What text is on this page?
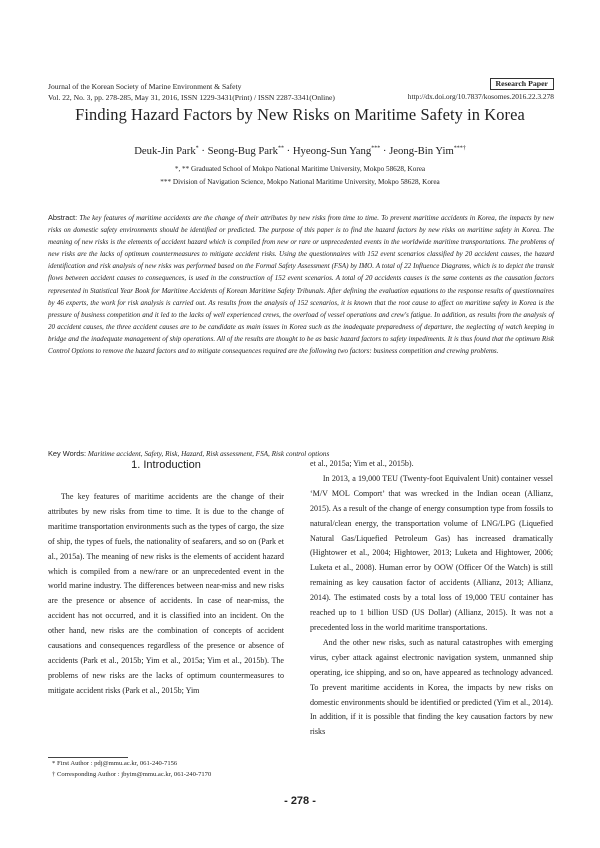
Journal of the Korean Society of Marine Environment & Safety
Vol. 22, No. 3, pp. 278-285, May 31, 2016, ISSN 1229-3431(Print) / ISSN 2287-3341(Online)
Research Paper
http://dx.doi.org/10.7837/kosomes.2016.22.3.278
Finding Hazard Factors by New Risks on Maritime Safety in Korea
Deuk-Jin Park* · Seong-Bug Park** · Hyeong-Sun Yang*** · Jeong-Bin Yim***†
*, ** Graduated School of Mokpo National Maritime University, Mokpo 58628, Korea
*** Division of Navigation Science, Mokpo National Maritime University, Mokpo 58628, Korea
Abstract: The key features of maritime accidents are the change of their attributes by new risks from time to time. To prevent maritime accidents in Korea, the impacts by new risks on domestic safety environments should be identified or predicted. The purpose of this paper is to find the hazard factors by new risks on maritime safety in Korea. The meaning of new risks is the elements of accident hazard which is compiled from new or rare or unprecedented events in the worldwide maritime transportations. The problems of new risks are the lacks of optimum countermeasures to mitigate accident risks. Using the questionnaires with 152 event scenarios classified by 20 accident causes, the hazard identification and risk analysis of new risks was performed based on the Formal Safety Assessment (FSA) by IMO. A total of 22 Influence Diagrams, which is to depict the transit flows between accident causes to consequences, is used in the construction of 152 event scenarios. A total of 20 accidents causes is the same contents as the causation factors represented in Statistical Year Book for Maritime Accidents of Korean Maritime Safety Tribunals. After defining the evaluation equations to the response results of questionnaires by 46 experts, the work for risk analysis is carried out. As results from the analysis of 152 scenarios, it is known that the root cause to affect on maritime safety in Korea is the pressure of business competition and it led to the lacks of well experienced crews, the overload of vessel operations and crew's fatigue. In addition, as results from the analysis of 20 accident causes, the three accident causes are to be candidate as main issues in Korea such as the inadequate preparedness of departure, the neglecting of watch keeping in bridge and the inadequate management of ship operations. All of the results are thought to be as basic hazard factors to safety impediments. It is thus found that the optimum Risk Control Options to remove the hazard factors and to mitigate consequences required are the following two factors: business competition and crewing problems.
Key Words: Maritime accident, Safety, Risk, Hazard, Risk assessment, FSA, Risk control options
1. Introduction

The key features of maritime accidents are the change of their attributes by new risks from time to time. It is due to the change of maritime transportation environments such as the types of cargo, the size of ship, the types of fuels, the nationality of seafarers, and so on (Park et al., 2015a). The meaning of new risks is the elements of accident hazard which is compiled from a new/rare or an unprecedented event in the world marine industry. The differences between near-miss and new risks are the presence or absence of accidents. In case of near-miss, the accident has not occurred, and it is classified into an incident. On the other hand, new risks are the combination of concepts of accident causations and consequences regardless of the presence or absence of accidents (Park et al., 2015b; Yim et al., 2015a; Yim et al., 2015b). The problems of new risks are the lacks of optimum countermeasures to mitigate accident risks (Park et al., 2015b; Yim

et al., 2015a; Yim et al., 2015b).

In 2013, a 19,000 TEU (Twenty-foot Equivalent Unit) container vessel ‘M/V MOL Comport’ that was wrecked in the Indian ocean (Allianz, 2015). As a result of the change of energy consumption type from fossils to natural/clean energy, the transportation volume of LNG/LPG (Liquefied Natural Gas/Liquefied Petroleum Gas) has increased dramatically (Hightower et al., 2004; Hightower, 2013; Luketa and Hightower, 2006; Luketa et al., 2008). Human error by OOW (Officer Of the Watch) is still remaining as key causation factor of accidents (Allianz, 2013; Allianz, 2014). The estimated costs by a total loss of 19,000 TEU container has reached up to 1 billion USD (US Dollar) (Allianz, 2015). It was not a precedented loss in the world maritime transportations.

And the other new risks, such as natural catastrophes with emerging virus, cyber attack against electronic navigation system, unmanned ship operating, ice shipping, and so on, have appeared as technology advanced. To prevent maritime accidents in Korea, the impacts by new risks on domestic environments should be identified or predicted (Yim et al., 2014). In addition, if it is possible that finding the key causation factors by new risks

* First Author : pdj@mmu.ac.kr, 061-240-7156
† Corresponding Author : jbyim@mmu.ac.kr, 061-240-7170
- 278 -
